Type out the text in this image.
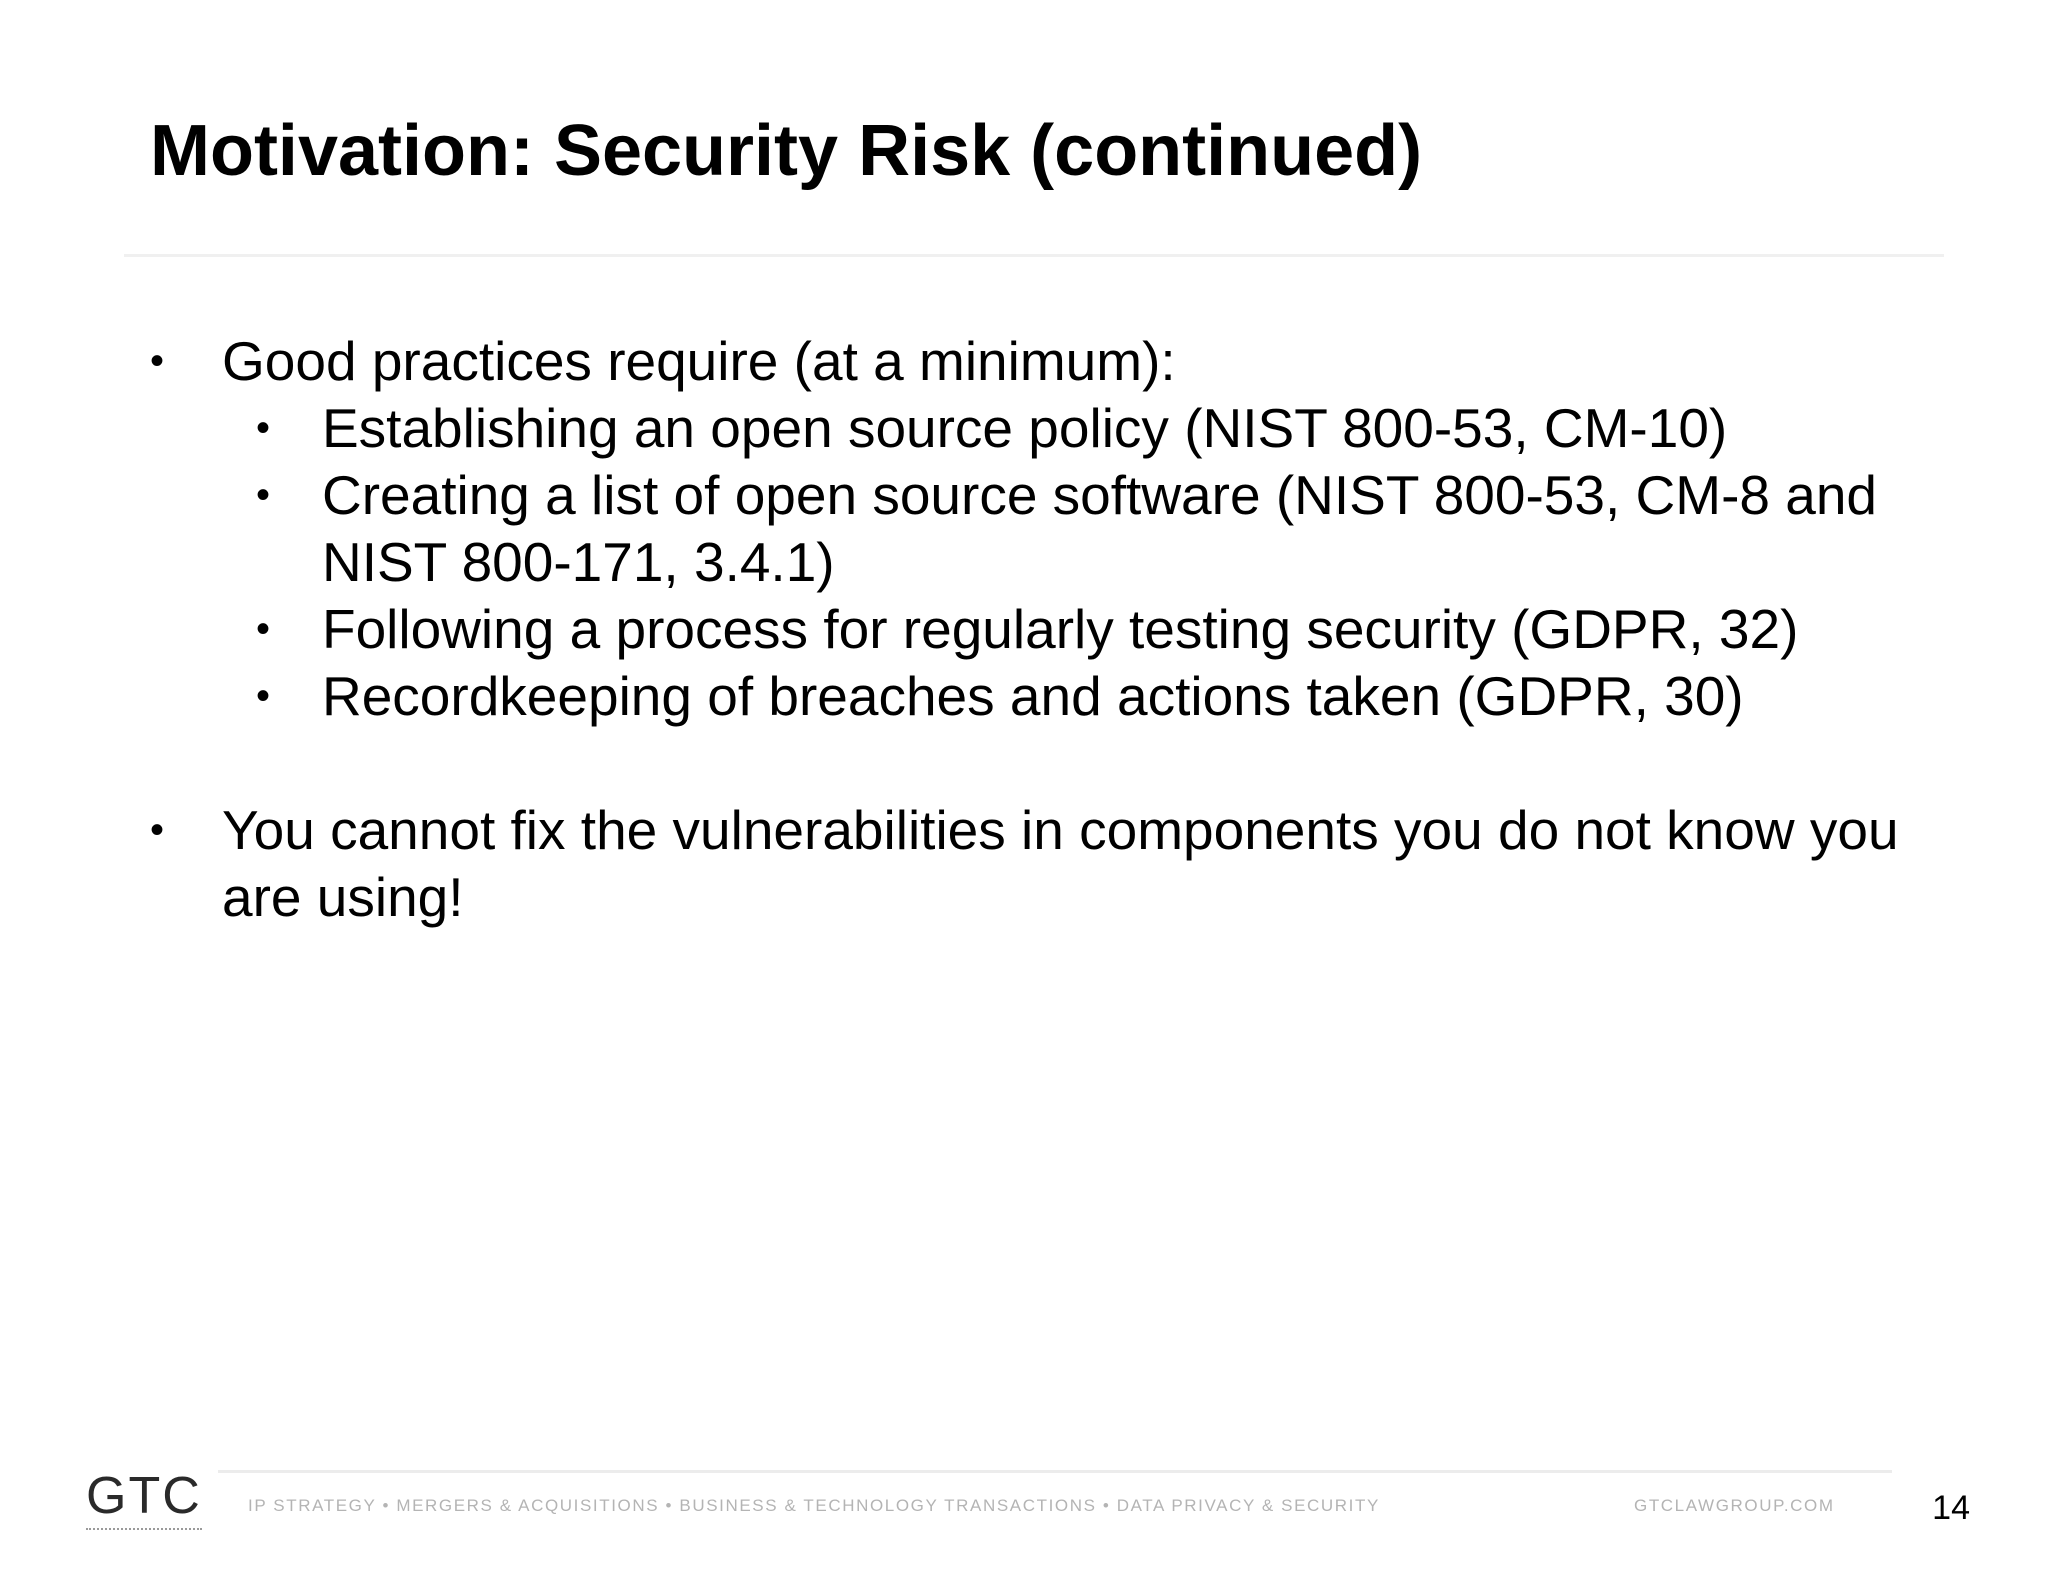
Motivation: Security Risk (continued)
•	Good practices require (at a minimum):
• Establishing an open source policy (NIST 800-53, CM-10)
• Creating a list of open source software (NIST 800-53, CM-8 and NIST 800-171, 3.4.1)
• Following a process for regularly testing security (GDPR, 32)
• Recordkeeping of breaches and actions taken (GDPR, 30)
•	You cannot fix the vulnerabilities in components you do not know you are using!
GTC	IP STRATEGY • MERGERS & ACQUISITIONS • BUSINESS & TECHNOLOGY TRANSACTIONS • DATA PRIVACY & SECURITY	GTCLAWGROUP.COM	14
